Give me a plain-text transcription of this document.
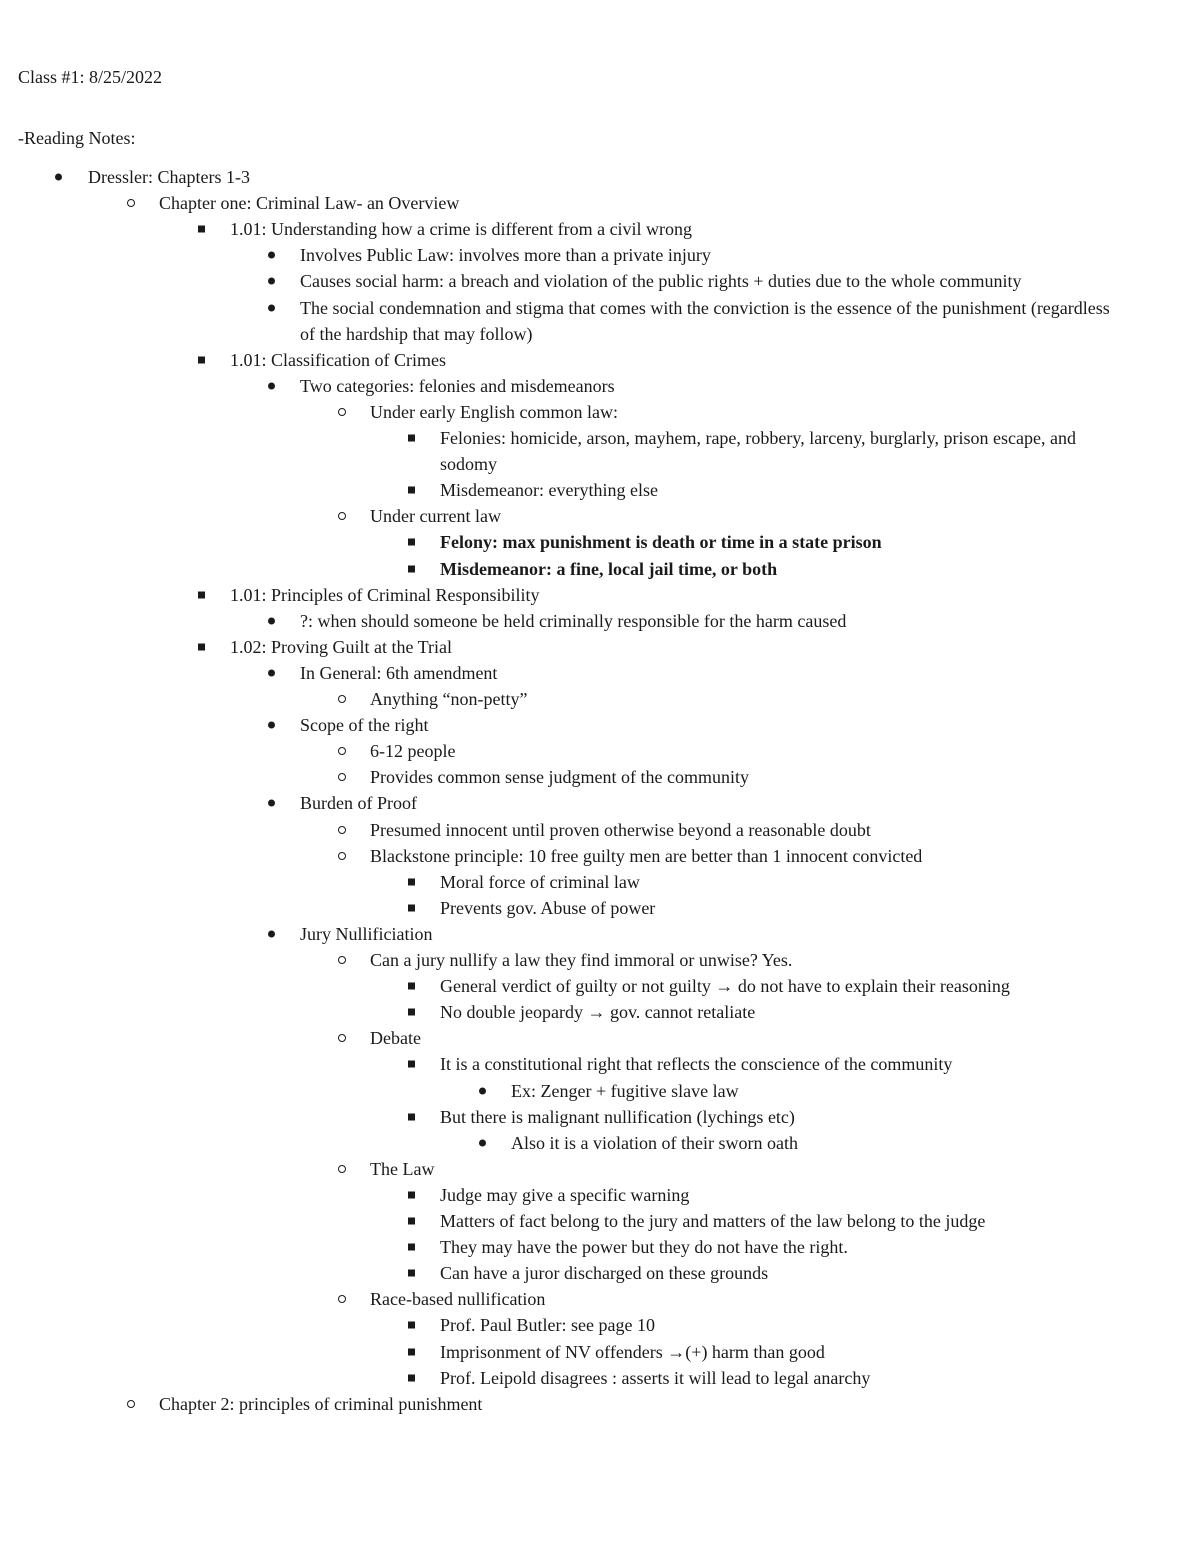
Class #1: 8/25/2022
-Reading Notes:
Dressler: Chapters 1-3
Chapter one: Criminal Law- an Overview
1.01: Understanding how a crime is different from a civil wrong
Involves Public Law: involves more than a private injury
Causes social harm: a breach and violation of the public rights + duties due to the whole community
The social condemnation and stigma that comes with the conviction is the essence of the punishment (regardless
of the hardship that may follow)
1.01: Classification of Crimes
Two categories: felonies and misdemeanors
Under early English common law:
Felonies: homicide, arson, mayhem, rape, robbery, larceny, burglarly, prison escape, and
sodomy
Misdemeanor: everything else
Under current law
Felony: max punishment is death or time in a state prison
Misdemeanor: a fine, local jail time, or both
1.01: Principles of Criminal Responsibility
?: when should someone be held criminally responsible for the harm caused
1.02: Proving Guilt at the Trial
In General: 6th amendment
Anything “non-petty”
Scope of the right
6-12 people
Provides common sense judgment of the community
Burden of Proof
Presumed innocent until proven otherwise beyond a reasonable doubt
Blackstone principle: 10 free guilty men are better than 1 innocent convicted
Moral force of criminal law
Prevents gov. Abuse of power
Jury Nullificiation
Can a jury nullify a law they find immoral or unwise? Yes.
General verdict of guilty or not guilty → do not have to explain their reasoning
No double jeopardy → gov. cannot retaliate
Debate
It is a constitutional right that reflects the conscience of the community
Ex: Zenger + fugitive slave law
But there is malignant nullification (lychings etc)
Also it is a violation of their sworn oath
The Law
Judge may give a specific warning
Matters of fact belong to the jury and matters of the law belong to the judge
They may have the power but they do not have the right.
Can have a juror discharged on these grounds
Race-based nullification
Prof. Paul Butler: see page 10
Imprisonment of NV offenders →(+) harm than good
Prof. Leipold disagrees : asserts it will lead to legal anarchy
Chapter 2: principles of criminal punishment
